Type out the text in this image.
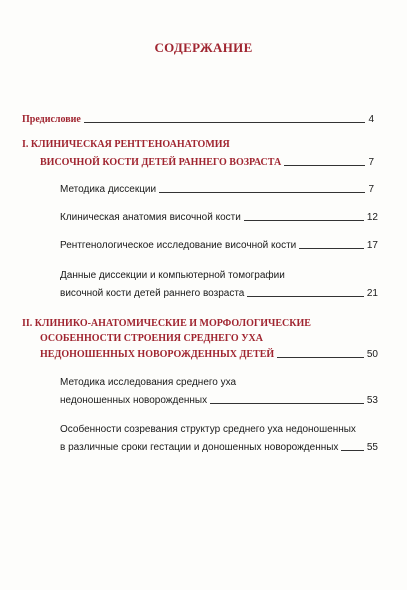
СОДЕРЖАНИЕ
Предисловие	4
I. КЛИНИЧЕСКАЯ РЕНТГЕНОАНАТОМИЯ
ВИСОЧНОЙ КОСТИ ДЕТЕЙ РАННЕГО ВОЗРАСТА	7
Методика диссекции	7
Клиническая анатомия височной кости	12
Рентгенологическое исследование височной кости	17
Данные диссекции и компьютерной томографии
височной кости детей раннего возраста	21
II. КЛИНИКО-АНАТОМИЧЕСКИЕ И МОРФОЛОГИЧЕСКИЕ
ОСОБЕННОСТИ СТРОЕНИЯ СРЕДНЕГО УХА
НЕДОНОШЕННЫХ НОВОРОЖДЕННЫХ ДЕТЕЙ	50
Методика исследования среднего уха
недоношенных новорожденных	53
Особенности созревания структур среднего уха недоношенных
в различные сроки гестации и доношенных новорожденных	55
